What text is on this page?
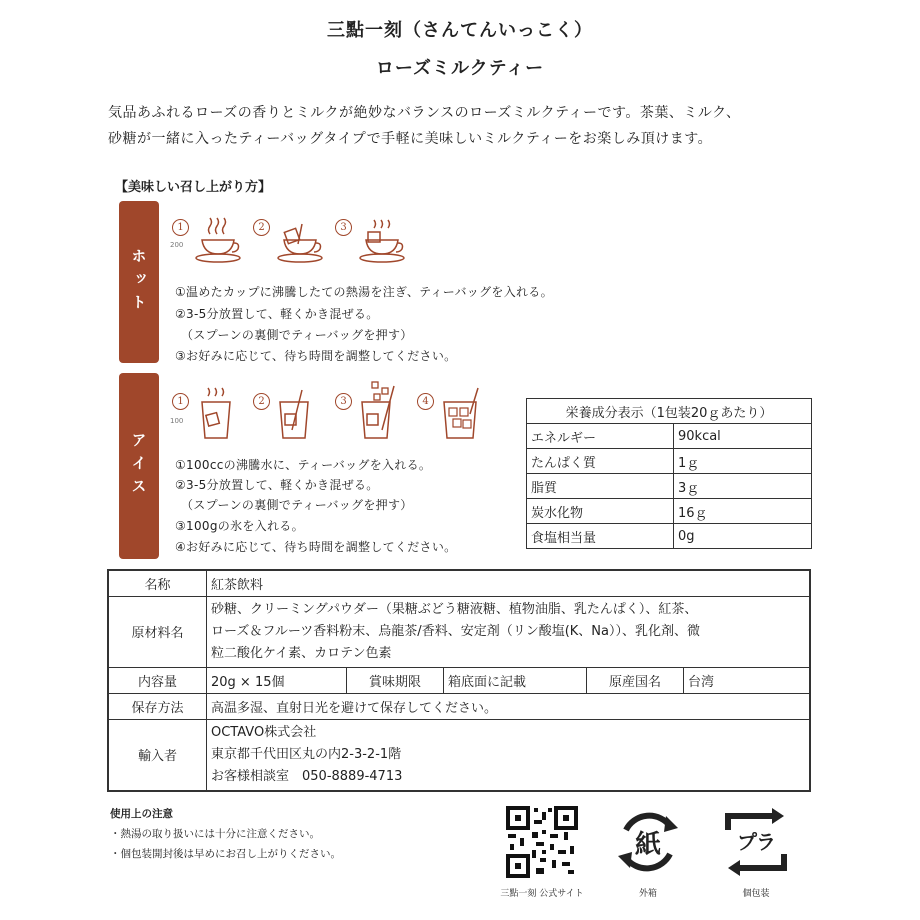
三點一刻（さんてんいっこく）
ローズミルクティー
気品あふれるローズの香りとミルクが絶妙なバランスのローズミルクティーです。茶葉、ミルク、
砂糖が一緒に入ったティーバッグタイプで手軽に美味しいミルクティーをお楽しみ頂けます。
【美味しい召し上がり方】
ホット
1
200
2	3
①温めたカップに沸騰したての熱湯を注ぎ、ティーバッグを入れる。
②3-5分放置して、軽くかき混ぜる。
（スプーンの裏側でティーバッグを押す）
③お好みに応じて、待ち時間を調整してください。
アイス
1
100
2	3	4
①100ccの沸騰水に、ティーバッグを入れる。
②3-5分放置して、軽くかき混ぜる。
（スプーンの裏側でティーバッグを押す）
③100gの氷を入れる。
④お好みに応じて、待ち時間を調整してください。
栄養成分表示（1包装20ｇあたり）	
エネルギー	90kcal
たんぱく質	1ｇ
脂質	3ｇ
炭水化物	16ｇ
食塩相当量	0g
名称	紅茶飲料				
原材料名	砂糖、クリーミングパウダー（果糖ぶどう糖液糖、植物油脂、乳たんぱく）、紅茶、
ローズ＆フルーツ香料粉末、烏龍茶/香料、安定剤（リン酸塩(K、Na））、乳化剤、微
粒二酸化ケイ素、カロテン色素				

内容量	20g × 15個	賞味期限	箱底面に記載	原産国名	台湾
保存方法	高温多湿、直射日光を避けて保存してください。				
輸入者	OCTAVO株式会社
東京都千代田区丸の内2-3-2-1階
お客様相談室　050-8889-4713				
使用上の注意
・熱湯の取り扱いには十分に注意ください。
・個包装開封後は早めにお召し上がりください。
三點一刻 公式サイト
紙
外箱
プラ
個包装
